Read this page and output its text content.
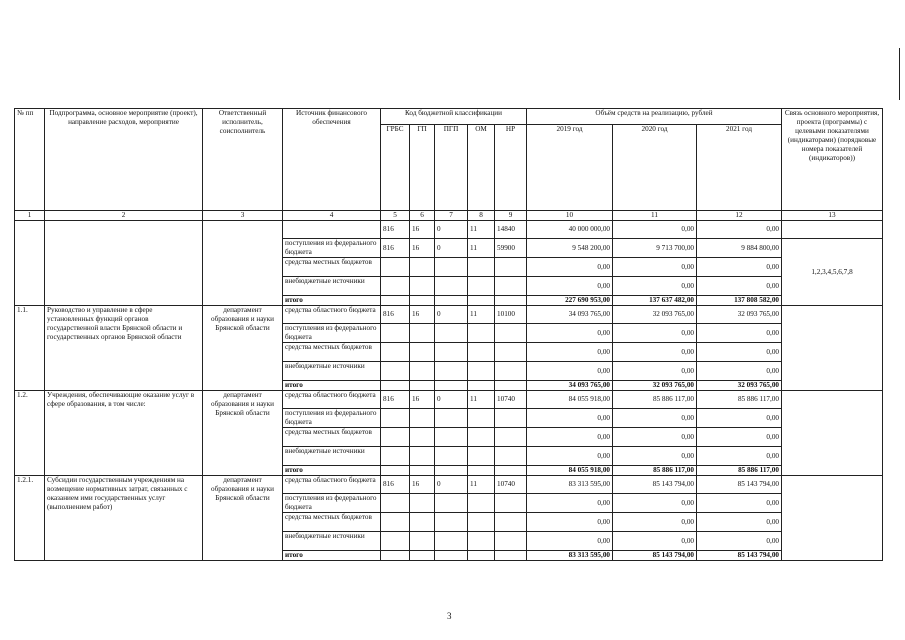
№ пп	Подпрограмма, основное мероприятие (проект), направление расходов, мероприятие	Ответственный исполнитель, соисполнитель	Источник финансового обеспечения	Код бюджетной классификации					Объём средств на реализацию, рублей			Связь основного мероприятия, проекта (программы) с целевыми показателями (индикаторами) (порядковые номера показателей (индикаторов))
				ГРБС	ГП	ПГП	ОМ	НР	2019 год	2020 год	2021 год	
1	2	3	4	5	6	7	8	9	10	11	12	13
				816	16	0	11	14840	40 000 000,00	0,00	0,00	
			поступления из федерального бюджета	816	16	0	11	59900	9 548 200,00	9 713 700,00	9 884 800,00	1,2,3,4,5,6,7,8
			средства местных бюджетов						0,00	0,00	0,00	
			внебюджетные источники						0,00	0,00	0,00	
			итого						227 690 953,00	137 637 482,00	137 808 582,00	
1.1.	Руководство и управление в сфере установленных функций органов государственной власти Брянской области и государственных органов Брянской области	департамент образования и науки Брянской области	средства областного бюджета	816	16	0	11	10100	34 093 765,00	32 093 765,00	32 093 765,00	
			поступления из федерального бюджета						0,00	0,00	0,00	
			средства местных бюджетов						0,00	0,00	0,00	
			внебюджетные источники						0,00	0,00	0,00	
			итого						34 093 765,00	32 093 765,00	32 093 765,00	
1.2.	Учреждения, обеспечивающие оказание услуг в сфере образования, в том числе:	департамент образования и науки Брянской области	средства областного бюджета	816	16	0	11	10740	84 055 918,00	85 886 117,00	85 886 117,00	
			поступления из федерального бюджета						0,00	0,00	0,00	
			средства местных бюджетов						0,00	0,00	0,00	
			внебюджетные источники						0,00	0,00	0,00	
			итого						84 055 918,00	85 886 117,00	85 886 117,00	
1.2.1.	Субсидии государственным учреждениям на возмещение нормативных затрат, связанных с оказанием ими государственных услуг (выполнением работ)	департамент образования и науки Брянской области	средства областного бюджета	816	16	0	11	10740	83 313 595,00	85 143 794,00	85 143 794,00	
			поступления из федерального бюджета						0,00	0,00	0,00	
			средства местных бюджетов						0,00	0,00	0,00	
			внебюджетные источники						0,00	0,00	0,00	
			итого						83 313 595,00	85 143 794,00	85 143 794,00	
3
